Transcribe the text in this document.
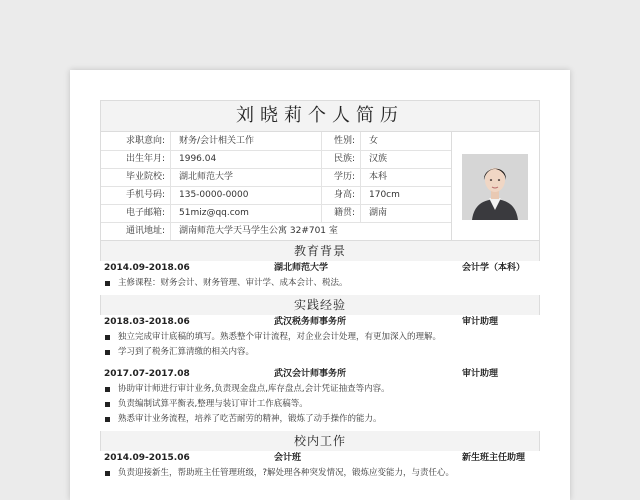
刘晓莉个人简历
求职意向:	财务/会计相关工作	性别:	女
出生年月:	1996.04	民族:	汉族
毕业院校:	湖北师范大学	学历:	本科
手机号码:	135-0000-0000	身高:	170cm
电子邮箱:	51miz@qq.com	籍贯:	湖南
通讯地址:	湖南师范大学天马学生公寓 32#701 室
教育背景
2014.09-2018.06	湖北师范大学	会计学（本科）
主修课程：财务会计、财务管理、审计学、成本会计、税法。
实践经验
2018.03-2018.06	武汉税务师事务所	审计助理
独立完成审计底稿的填写。熟悉整个审计流程，对企业会计处理，有更加深入的理解。
学习到了税务汇算清缴的相关内容。
2017.07-2017.08	武汉会计师事务所	审计助理
协助审计师进行审计业务,负责现金盘点,库存盘点,会计凭证抽查等内容。
负责编制试算平衡表,整理与装订审计工作底稿等。
熟悉审计业务流程，培养了吃苦耐劳的精神，锻炼了动手操作的能力。
校内工作
2014.09-2015.06	会计班	新生班主任助理
负责迎接新生，帮助班主任管理班级，?解处理各种突发情况，锻炼应变能力，与责任心。
